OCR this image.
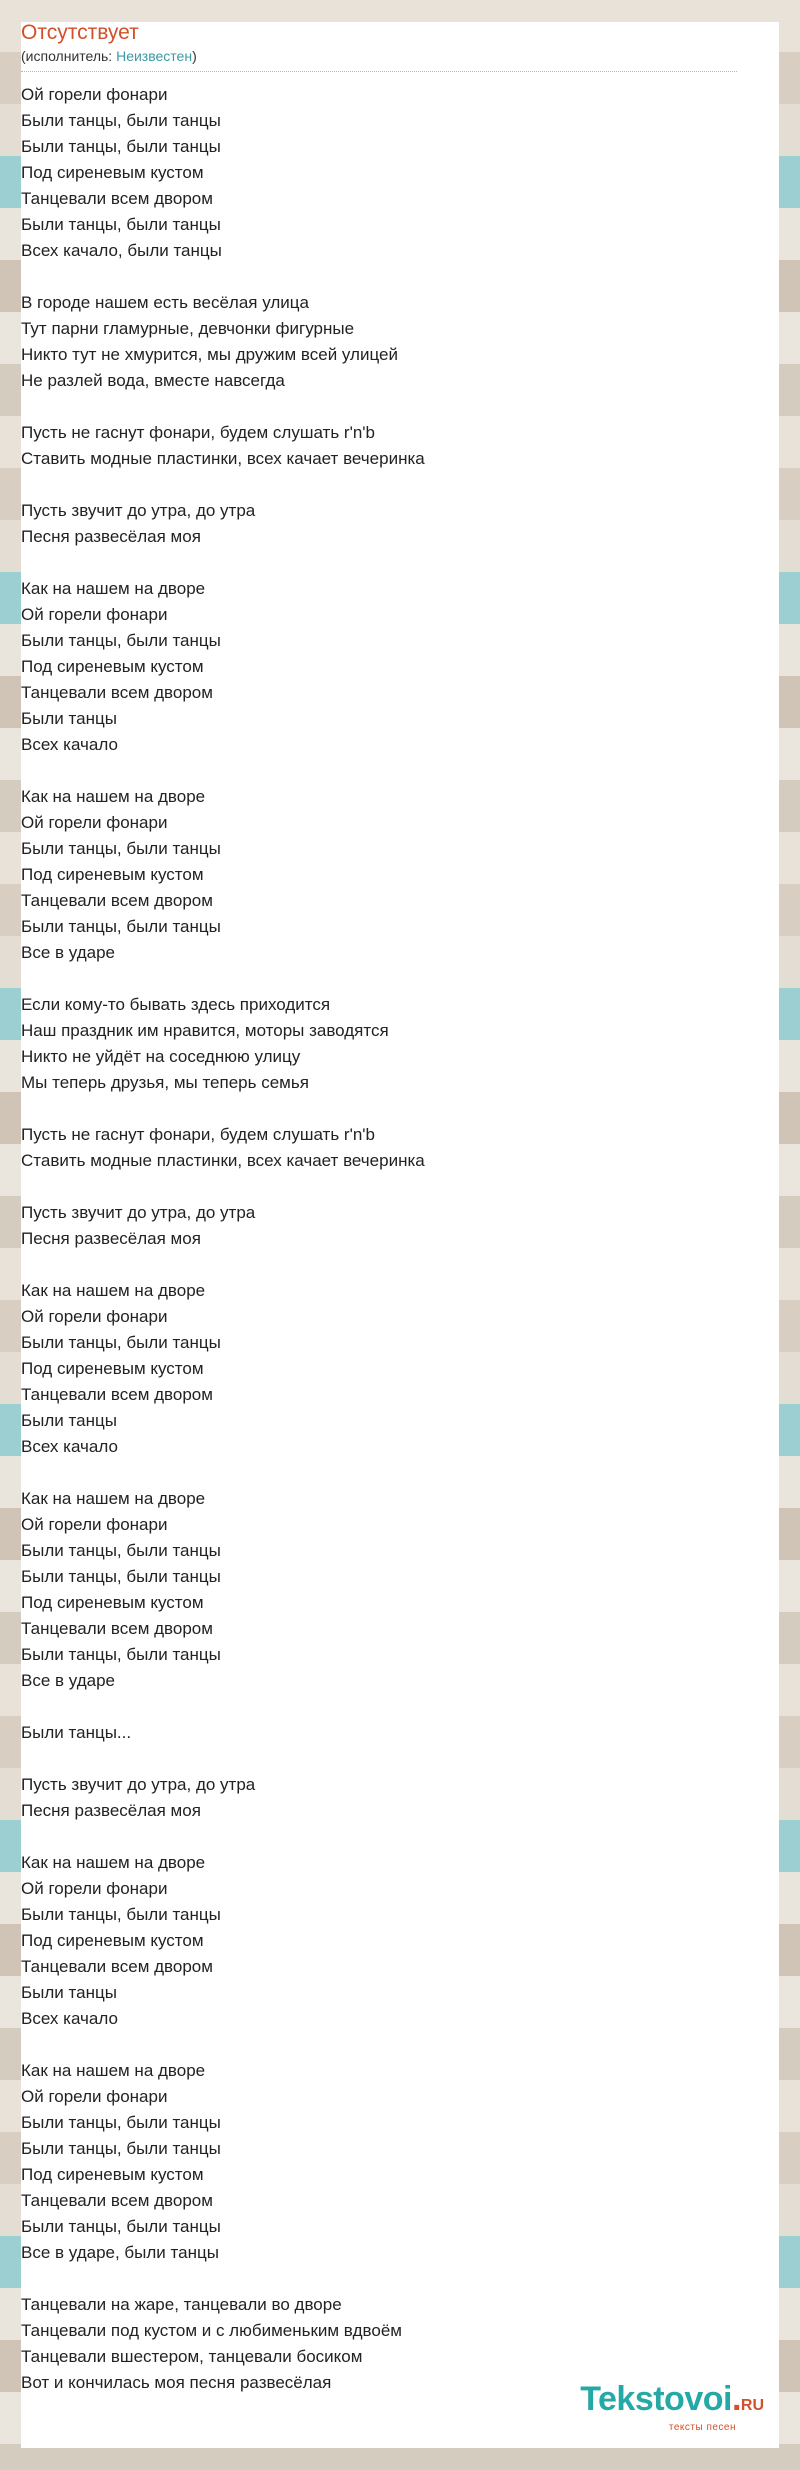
Отсутствует
(исполнитель: Неизвестен)
Ой горели фонари
Были танцы, были танцы
Были танцы, были танцы
Под сиреневым кустом
Танцевали всем двором
Были танцы, были танцы
Всех качало, были танцы
В городе нашем есть весёлая улица
Тут парни гламурные, девчонки фигурные
Никто тут не хмурится, мы дружим всей улицей
Не разлей вода, вместе навсегда
Пусть не гаснут фонари, будем слушать r'n'b
Ставить модные пластинки, всех качает вечеринка
Пусть звучит до утра, до утра
Песня развесёлая моя
Как на нашем на дворе
Ой горели фонари
Были танцы, были танцы
Под сиреневым кустом
Танцевали всем двором
Были танцы
Всех качало
Как на нашем на дворе
Ой горели фонари
Были танцы, были танцы
Под сиреневым кустом
Танцевали всем двором
Были танцы, были танцы
Все в ударе
Если кому-то бывать здесь приходится
Наш праздник им нравится, моторы заводятся
Никто не уйдёт на соседнюю улицу
Мы теперь друзья, мы теперь семья
Пусть не гаснут фонари, будем слушать r'n'b
Ставить модные пластинки, всех качает вечеринка
Пусть звучит до утра, до утра
Песня развесёлая моя
Как на нашем на дворе
Ой горели фонари
Были танцы, были танцы
Под сиреневым кустом
Танцевали всем двором
Были танцы
Всех качало
Как на нашем на дворе
Ой горели фонари
Были танцы, были танцы
Были танцы, были танцы
Под сиреневым кустом
Танцевали всем двором
Были танцы, были танцы
Все в ударе
Были танцы...
Пусть звучит до утра, до утра
Песня развесёлая моя
Как на нашем на дворе
Ой горели фонари
Были танцы, были танцы
Под сиреневым кустом
Танцевали всем двором
Были танцы
Всех качало
Как на нашем на дворе
Ой горели фонари
Были танцы, были танцы
Были танцы, были танцы
Под сиреневым кустом
Танцевали всем двором
Были танцы, были танцы
Все в ударе, были танцы
Танцевали на жаре, танцевали во дворе
Танцевали под кустом и с любименьким вдвоём
Танцевали вшестером, танцевали босиком
Вот и кончилась моя песня развесёлая	Tekstovoi.RU
тексты песен
